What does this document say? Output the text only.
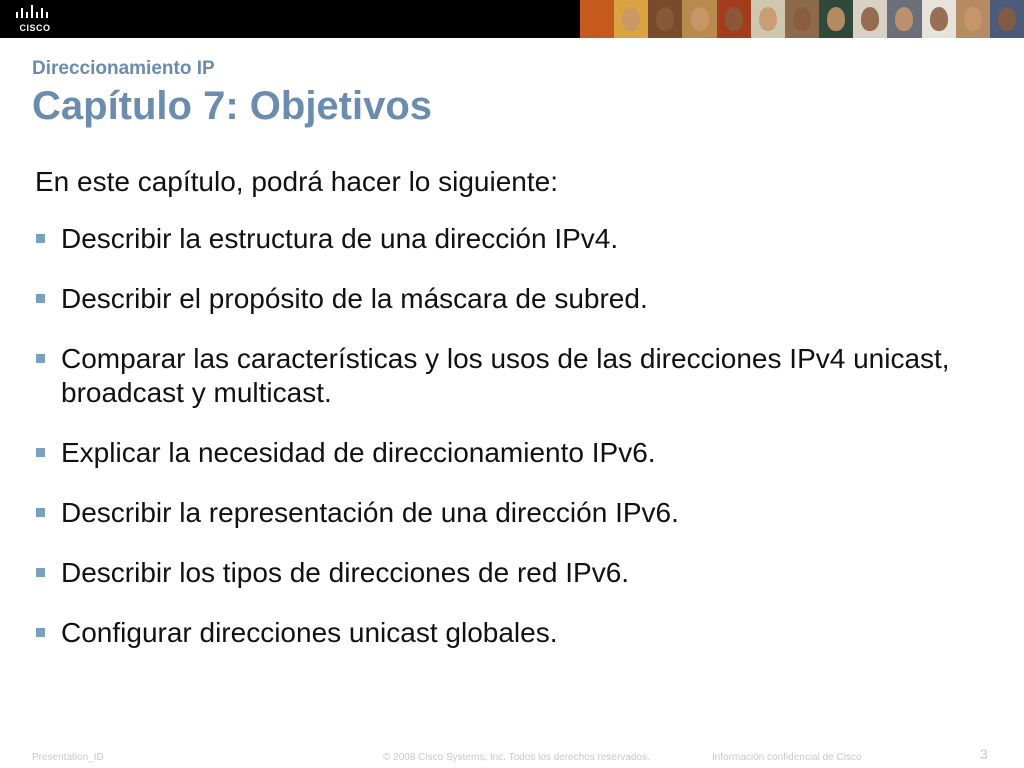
CISCO
Direccionamiento IP
Capítulo 7: Objetivos
En este capítulo, podrá hacer lo siguiente:
Describir la estructura de una dirección IPv4.
Describir el propósito de la máscara de subred.
Comparar las características y los usos de las direcciones IPv4 unicast, broadcast y multicast.
Explicar la necesidad de direccionamiento IPv6.
Describir la representación de una dirección IPv6.
Describir los tipos de direcciones de red IPv6.
Configurar direcciones unicast globales.
Presentation_ID	© 2008 Cisco Systems, Inc. Todos los derechos reservados.	Información confidencial de Cisco	3
